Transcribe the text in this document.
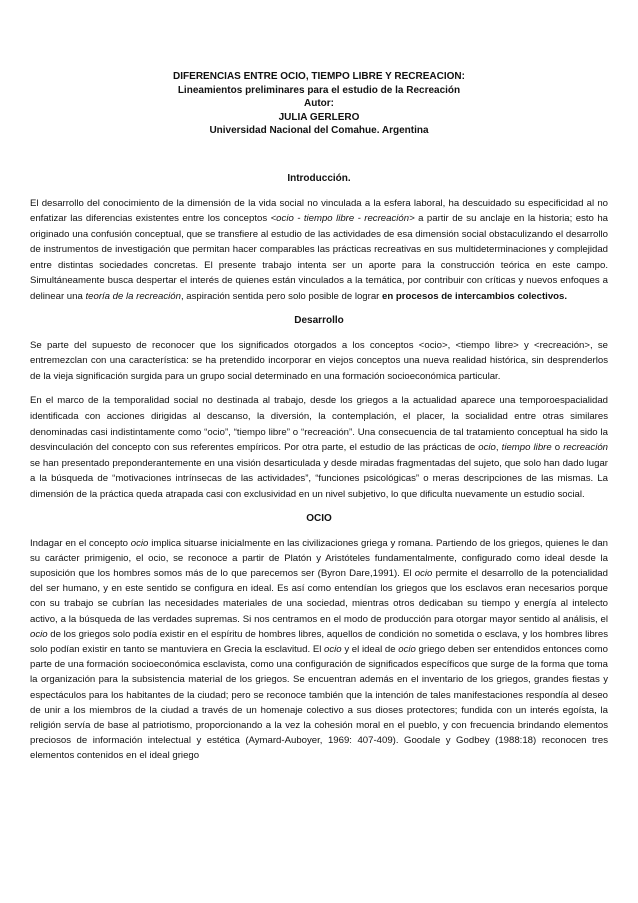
DIFERENCIAS ENTRE OCIO, TIEMPO LIBRE Y RECREACION:

Lineamientos preliminares para el estudio de la Recreación

Autor:

JULIA GERLERO

Universidad Nacional del Comahue. Argentina

Introducción.

El desarrollo del conocimiento de la dimensión de la vida social no vinculada a la esfera laboral, ha descuidado su especificidad al no enfatizar las diferencias existentes entre los conceptos <ocio - tiempo libre - recreación> a partir de su anclaje en la historia; esto ha originado una confusión conceptual, que se transfiere al estudio de las actividades de esa dimensión social obstaculizando el desarrollo de instrumentos de investigación que permitan hacer comparables las prácticas recreativas en sus multideterminaciones y complejidad entre distintas sociedades concretas. El presente trabajo intenta ser un aporte para la construcción teórica en este campo. Simultáneamente busca despertar el interés de quienes están vinculados a la temática, por contribuir con críticas y nuevos enfoques a delinear una teoría de la recreación, aspiración sentida pero solo posible de lograr en procesos de intercambios colectivos.

Desarrollo

Se parte del supuesto de reconocer que los significados otorgados a los conceptos <ocio>, <tiempo libre> y <recreación>, se entremezclan con una característica: se ha pretendido incorporar en viejos conceptos una nueva realidad histórica, sin desprenderlos de la vieja significación surgida para un grupo social determinado en una formación socioeconómica particular.

En el marco de la temporalidad social no destinada al trabajo, desde los griegos a la actualidad aparece una temporoespacialidad identificada con acciones dirigidas al descanso, la diversión, la contemplación, el placer, la socialidad entre otras similares denominadas casi indistintamente como “ocio”, “tiempo libre” o “recreación”. Una consecuencia de tal tratamiento conceptual ha sido la desvinculación del concepto con sus referentes empíricos. Por otra parte, el estudio de las prácticas de ocio, tiempo libre o recreación se han presentado preponderantemente en una visión desarticulada y desde miradas fragmentadas del sujeto, que solo han dado lugar a la búsqueda de “motivaciones intrínsecas de las actividades”, “funciones psicológicas” o meras descripciones de las mismas. La dimensión de la práctica queda atrapada casi con exclusividad en un nivel subjetivo, lo que dificulta nuevamente un estudio social.

OCIO

Indagar en el concepto ocio implica situarse inicialmente en las civilizaciones griega y romana. Partiendo de los griegos, quienes le dan su carácter primigenio, el ocio, se reconoce a partir de Platón y Aristóteles fundamentalmente, configurado como ideal desde la suposición que los hombres somos más de lo que parecemos ser (Byron Dare,1991). El ocio permite el desarrollo de la potencialidad del ser humano, y en este sentido se configura en ideal. Es así como entendían los griegos que los esclavos eran necesarios porque con su trabajo se cubrían las necesidades materiales de una sociedad, mientras otros dedicaban su tiempo y energía al intelecto activo, a la búsqueda de las verdades supremas. Si nos centramos en el modo de producción para otorgar mayor sentido al análisis, el ocio de los griegos solo podía existir en el espíritu de hombres libres, aquellos de condición no sometida o esclava, y los hombres libres solo podían existir en tanto se mantuviera en Grecia la esclavitud. El ocio y el ideal de ocio griego deben ser entendidos entonces como parte de una formación socioeconómica esclavista, como una configuración de significados específicos que surge de la forma que toma la organización para la subsistencia material de los griegos. Se encuentran además en el inventario de los griegos, grandes fiestas y espectáculos para los habitantes de la ciudad; pero se reconoce también que la intención de tales manifestaciones respondía al deseo de unir a los miembros de la ciudad a través de un homenaje colectivo a sus dioses protectores; fundida con un interés egoísta, la religión servía de base al patriotismo, proporcionando a la vez la cohesión moral en el pueblo, y con frecuencia brindando elementos preciosos de información intelectual y estética (Aymard-Auboyer, 1969: 407-409). Goodale y Godbey (1988:18) reconocen tres elementos contenidos en el ideal griego
